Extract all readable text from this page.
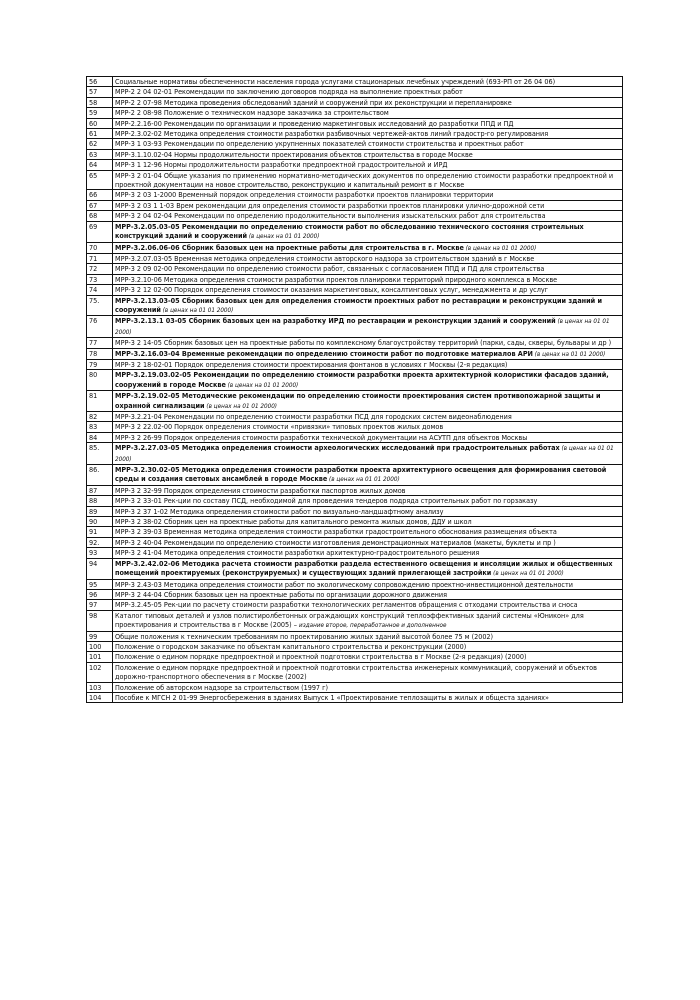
56	Социальные нормативы обеспеченности населения города услугами стационарных лечебных учреждений (693-РП от 26 04 06)
57	МРР-2 2 04 02-01 Рекомендации по заключению договоров подряда на выполнение проектных работ
58	МРР-2 2 07-98 Методика проведения обследований зданий и сооружений при их реконструкции и перепланировке
59	МРР-2 2 08-98 Положение о техническом надзоре заказчика за строительством
60	МРР-2.2.16-00 Рекомендации по организации и проведению маркетинговых исследований до разработки ППД и ПД
61	МРР-2.3.02-02 Методика определения стоимости разработки разбивочных чертежей-актов линий градостр-го регулирования
62	МРР-3 1 03-93 Рекомендации по определению укрупненных показателей стоимости строительства и проектных работ
63	МРР-3.1.10.02-04 Нормы продолжительности проектирования объектов строительства в городе Москве
64	МРР-3 1 12-96 Нормы продолжительности разработки предпроектной градостроительной и ИРД
65	МРР-3 2 01-04 Общие указания по применению нормативно-методических документов по определению стоимости разработки предпроектной и проектной документации на новое строительство, реконструкцию и капитальный ремонт в г Москве
66	МРР-3 2 03 1-2000 Временный порядок определения стоимости разработки проектов планировки территории
67	МРР-3 2 03 1 1-03 Врем рекомендации для определения стоимости разработки проектов планировки улично-дорожной сети
68	МРР-3 2 04 02-04 Рекомендации по определению продолжительности выполнения изыскательских работ для строительства
69	МРР-3.2.05.03-05 Рекомендации по определению стоимости работ по обследованию технического состояния строительных конструкций зданий и сооружений (в ценах на 01 01 2000)
70	МРР-3.2.06.06-06 Сборник базовых цен на проектные работы для строительства в г. Москве (в ценах на 01 01 2000)
71	МРР-3.2.07.03-05 Временная методика определения стоимости авторского надзора за строительством зданий в г Москве
72	МРР-3 2 09 02-00 Рекомендации по определению стоимости работ, связанных с согласованием ППД и ПД для строительства
73	МРР-3.2.10-06 Методика определения стоимости разработки проектов планировки территорий природного комплекса в Москве
74	МРР-3 2 12 02-00 Порядок определения стоимости оказания маркетинговых, консалтинговых услуг, менеджмента и др услуг
75.	МРР-3.2.13.03-05 Сборник базовых цен для определения стоимости проектных работ по реставрации и реконструкции зданий и сооружений (в ценах на 01 01 2000)
76	МРР-3.2.13.1 03-05 Сборник базовых цен на разработку ИРД по реставрации и реконструкции зданий и сооружений (в ценах на 01 01 2000)
77	МРР-3 2 14-05 Сборник базовых цен на проектные работы по комплексному благоустройству территорий (парки, сады, скверы, бульвары и др )
78	МРР-3.2.16.03-04 Временные рекомендации по определению стоимости работ по подготовке материалов АРИ (в ценах на 01 01 2000)
79	МРР-3 2 18-02-01 Порядок определения стоимости проектирования фонтанов в условиях г Москвы (2-я редакция)
80	МРР-3.2.19.03.02-05 Рекомендации по определению стоимости разработки проекта архитектурной колористики фасадов зданий, сооружений в городе Москве (в ценах на 01 01 2000)
81	МРР-3.2.19.02-05 Методические рекомендации по определению стоимости проектирования систем противопожарной защиты и охранной сигнализации (в ценах на 01 01 2000)
82	МРР-3.2.21-04 Рекомендации по определению стоимости разработки ПСД для городских систем видеонаблюдения
83	МРР-3 2 22.02-00 Порядок определения стоимости «привязки» типовых проектов жилых домов
84	МРР-3 2 26-99 Порядок определения стоимости разработки технической документации на АСУТП для объектов Москвы
85.	МРР-3.2.27.03-05 Методика определения стоимости археологических исследований при градостроительных работах (в ценах на 01 01 2000)
86.	МРР-3.2.30.02-05 Методика определения стоимости разработки проекта архитектурного освещения для формирования световой среды и создания световых ансамблей в городе Москве (в ценах на 01 01 2000)
87	МРР-3 2 32-99 Порядок определения стоимости разработки паспортов жилых домов
88	МРР-3 2 33-01 Рек-ции по составу ПСД, необходимой для проведения тендеров подряда строительных работ по горзаказу
89	МРР-3 2 37 1-02 Методика определения стоимости работ по визуально-ландшафтному анализу
90	МРР-3 2 38-02 Сборник цен на проектные работы для капитального ремонта жилых домов, ДДУ и школ
91	МРР-3 2 39-03 Временная методика определения стоимости разработки градостроительного обоснования размещения объекта
92.	МРР-3 2 40-04 Рекомендации по определению стоимости изготовления демонстрационных материалов (макеты, буклеты и пр )
93	МРР-3 2 41-04 Методика определения стоимости разработки архитектурно-градостроительного решения
94	МРР-3.2.42.02-06 Методика расчета стоимости разработки раздела естественного освещения и инсоляции жилых и общественных помещений проектируемых (реконструируемых) и существующих зданий прилегающей застройки (в ценах на 01 01 2000)
95	МРР-3 2.43-03 Методика определения стоимости работ по экологическому сопровождению проектно-инвестиционной деятельности
96	МРР-3 2 44-04 Сборник базовых цен на проектные работы по организации дорожного движения
97	МРР-3.2.45-05 Рек-ции по расчету стоимости разработки технологических регламентов обращения с отходами строительства и сноса
98	Каталог типовых деталей и узлов полистиролбетонных ограждающих конструкций теплоэффективных зданий системы «Юникон» для проектирования и строительства в г Москве (2005) – издание второе, переработанное и дополненное
99	Общие положения к техническим требованиям по проектированию жилых зданий высотой более 75 м (2002)
100	Положение о городском заказчике по объектам капитального строительства и реконструкции (2000)
101	Положение о едином порядке предпроектной и проектной подготовки строительства в г Москве (2-я редакция) (2000)
102	Положение о едином порядке предпроектной и проектной подготовки строительства инженерных коммуникаций, сооружений и объектов дорожно-транспортного обеспечения в г Москве (2002)
103	Положение об авторском надзоре за строительством (1997 г)
104	Пособие к МГСН 2 01-99 Энергосбережения в зданиях Выпуск 1 «Проектирование теплозащиты в жилых и общеста зданиях»
